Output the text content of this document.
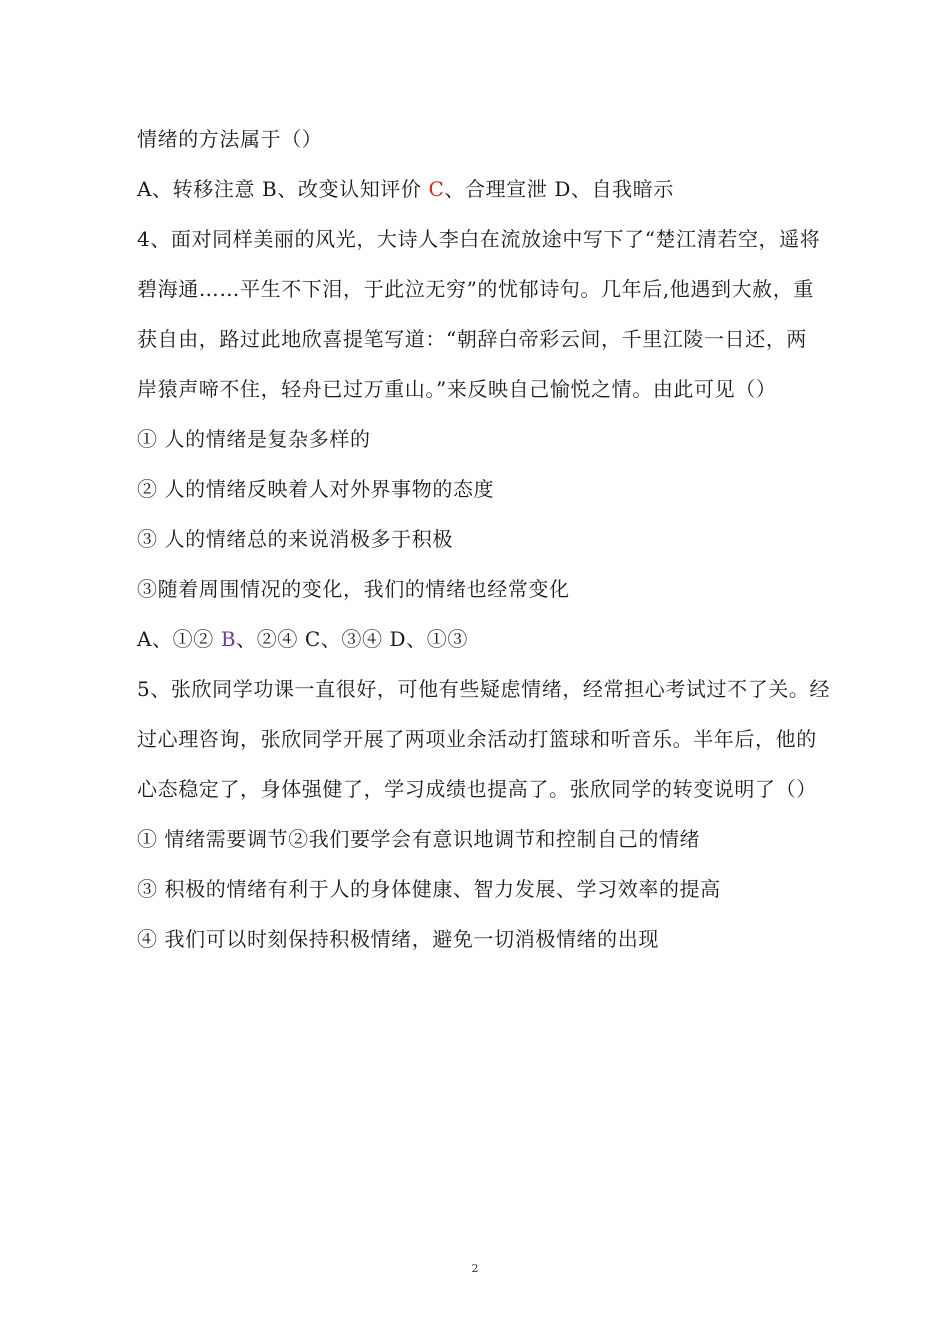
情绪的方法属于（）
A、转移注意 B、改变认知评价 C、合理宣泄 D、自我暗示
4、面对同样美丽的风光，大诗人李白在流放途中写下了“楚江清若空，遥将
碧海通……平生不下泪，于此泣无穷”的忧郁诗句。几年后,他遇到大赦，重
获自由，路过此地欣喜提笔写道：“朝辞白帝彩云间，千里江陵一日还，两
岸猿声啼不住，轻舟已过万重山。”来反映自己愉悦之情。由此可见（）
① 人的情绪是复杂多样的
② 人的情绪反映着人对外界事物的态度
③ 人的情绪总的来说消极多于积极
③随着周围情况的变化，我们的情绪也经常变化
A、①② B、②④ C、③④ D、①③
5、张欣同学功课一直很好，可他有些疑虑情绪，经常担心考试过不了关。经
过心理咨询，张欣同学开展了两项业余活动打篮球和听音乐。半年后，他的
心态稳定了，身体强健了，学习成绩也提高了。张欣同学的转变说明了（）
① 情绪需要调节②我们要学会有意识地调节和控制自己的情绪
③ 积极的情绪有利于人的身体健康、智力发展、学习效率的提高
④ 我们可以时刻保持积极情绪，避免一切消极情绪的出现
2
